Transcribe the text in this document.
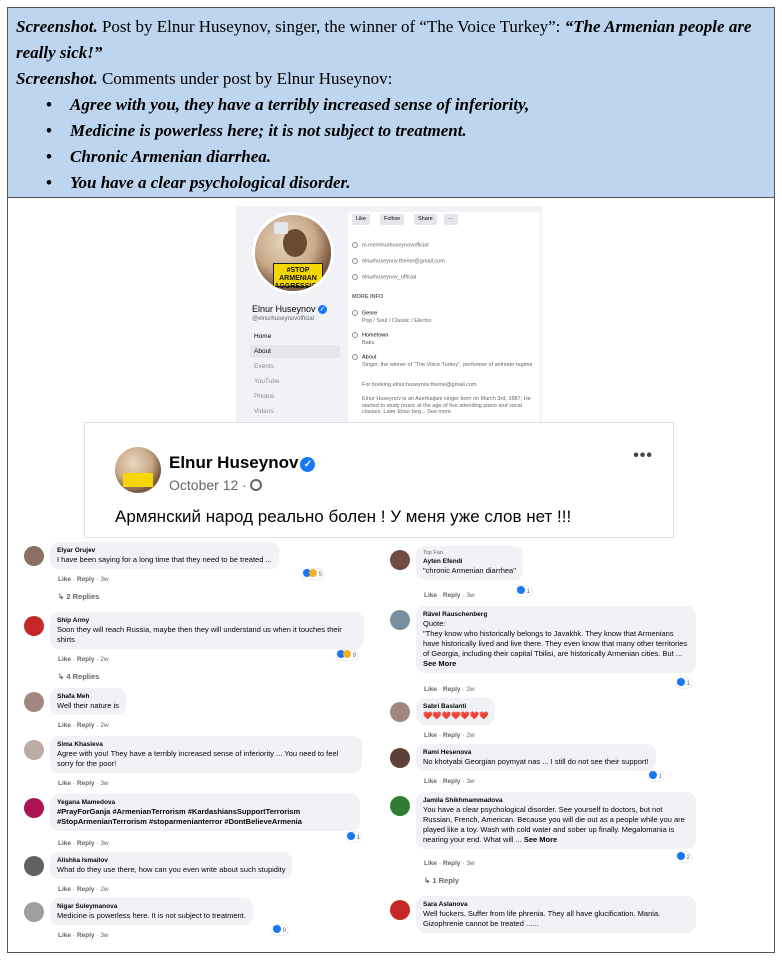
Screenshot. Post by Elnur Huseynov, singer, the winner of “The Voice Turkey”: “The Armenian people are really sick!”
Screenshot. Comments under post by Elnur Huseynov:
• Agree with you, they have a terribly increased sense of inferiority,
• Medicine is powerless here; it is not subject to treatment.
• Chronic Armenian diarrhea.
• You have a clear psychological disorder.
#STOP ARMENIAN AGGRESSION
Elnur Huseynov ✓
@elnurhuseynovofficial
Home
About
Events
YouTube
Photos
Videos
Like	Follow	Share	···
m.me/elnurhuseynovofficial
elnurhuseynov.theme@gmail.com
elnurhuseynov_official
MORE INFO
Genre
Pop / Soul / Classic / Electro
Hometown
Baku
About
Singer, the winner of "The Voice Turkey", performer of animate regime
For booking elnur.huseynov.theme@gmail.com
Elnur Huseynov is an Azerbaijani singer born on March 3rd, 1987. He started to study music at the age of five attending piano and vocal classes. Later Elnur beg... See more
Elnur Huseynov ✓
October 12 ·
•••
Армянский народ реально болен ! У меня уже слов нет !!!
Elyar Orujev
I have been saying for a long time that they need to be treated ...
5
Like · Reply · 3w
↳ 2 Replies
Ship Army
Soon they will reach Russia, maybe then they will understand us when it touches their shirts
9
Like · Reply · 2w
↳ 4 Replies
Shafa Meh
Well their nature is
Like · Reply · 2w
Sima Khasieva
Agree with you! They have a terribly increased sense of inferiority ... You need to feel sorry for the poor!
Like · Reply · 3w
Yegana Mamedova
#PrayForGanja #ArmenianTerrorism #KardashiansSupportTerrorism #StopArmenianTerrorism #stoparmenianterror #DontBelieveArmenia
1
Like · Reply · 3w
Alishka Ismailov
What do they use there, how can you even write about such stupidity
Like · Reply · 2w
Nigar Suleymanova
Medicine is powerless here. It is not subject to treatment.
9
Like · Reply · 3w
Top Fan
Ayten Efendi
"chronic Armenian diarrhea"
1
Like · Reply · 3w
Rävel Rauschenberg
Quote:
"They know who historically belongs to Javakhk. They know that Armenians have historically lived and live there. They even know that many other territories of Georgia, including their capital Tbilisi, are historically Armenian cities. But ... See More
1
Like · Reply · 2w
Sabri Baslanti
❤️❤️❤️❤️❤️❤️❤️
Like · Reply · 2w
Rami Hesenova
No khotyabi Georgian poymyat nas ... I still do not see their support!
1
Like · Reply · 3w
Jamila Shikhmammadova
You have a clear psychological disorder. See yourself to doctors, but not Russian, French, American. Because you will die out as a people while you are played like a toy. Wash with cold water and sober up finally. Megalomania is nearing your end. What will ... See More
2
Like · Reply · 3w
↳ 1 Reply
Sara Aslanova
Well fuckers. Suffer from life phrenia. They all have glucification. Mania. Gizophrenie cannot be treated ......
